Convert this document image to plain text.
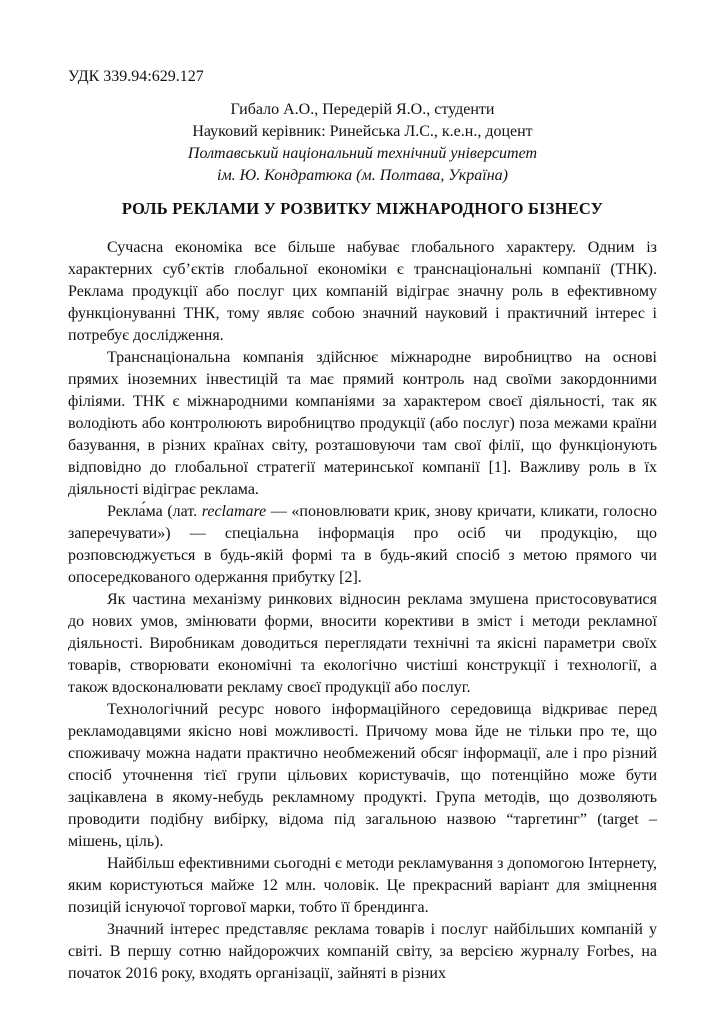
УДК 339.94:629.127

Гибало А.О., Передерій Я.О., студенти

Науковий керівник: Ринейська Л.С., к.е.н., доцент

Полтавський національний технічний університет

ім. Ю. Кондратюка (м. Полтава, Україна)

РОЛЬ РЕКЛАМИ У РОЗВИТКУ МІЖНАРОДНОГО БІЗНЕСУ

Сучасна економіка все більше набуває глобального характеру. Одним із характерних суб’єктів глобальної економіки є транснаціональні компанії (ТНК). Реклама продукції або послуг цих компаній відіграє значну роль в ефективному функціонуванні ТНК, тому являє собою значний науковий і практичний інтерес і потребує дослідження.

Транснаціональна компанія здійснює міжнародне виробництво на основі прямих іноземних інвестицій та має прямий контроль над своїми закордонними філіями. ТНК є міжнародними компаніями за характером своєї діяльності, так як володіють або контролюють виробництво продукції (або послуг) поза межами країни базування, в різних країнах світу, розташовуючи там свої філії, що функціонують відповідно до глобальної стратегії материнської компанії [1]. Важливу роль в їх діяльності відіграє реклама.

Рекла́ма (лат. reclamare — «поновлювати крик, знову кричати, кликати, голосно заперечувати») — спеціальна інформація про осіб чи продукцію, що розповсюджується в будь-якій формі та в будь-який спосіб з метою прямого чи опосередкованого одержання прибутку [2].

Як частина механізму ринкових відносин реклама змушена пристосовуватися до нових умов, змінювати форми, вносити корективи в зміст і методи рекламної діяльності. Виробникам доводиться переглядати технічні та якісні параметри своїх товарів, створювати економічні та екологічно чистіші конструкції і технології, а також вдосконалювати рекламу своєї продукції або послуг.

Технологічний ресурс нового інформаційного середовища відкриває перед рекламодавцями якісно нові можливості. Причому мова йде не тільки про те, що споживачу можна надати практично необмежений обсяг інформації, але і про різний спосіб уточнення тієї групи цільових користувачів, що потенційно може бути зацікавлена в якому-небудь рекламному продукті. Група методів, що дозволяють проводити подібну вибірку, відома під загальною назвою “таргетинг” (target – мішень, ціль).

Найбільш ефективними сьогодні є методи рекламування з допомогою Інтернету, яким користуються майже 12 млн. чоловік. Це прекрасний варіант для зміцнення позицій існуючої торгової марки, тобто її брендинга.

Значний інтерес представляє реклама товарів і послуг найбільших компаній у світі. В першу сотню найдорожчих компаній світу, за версією журналу Forbes, на початок 2016 року, входять організації, зайняті в різних
